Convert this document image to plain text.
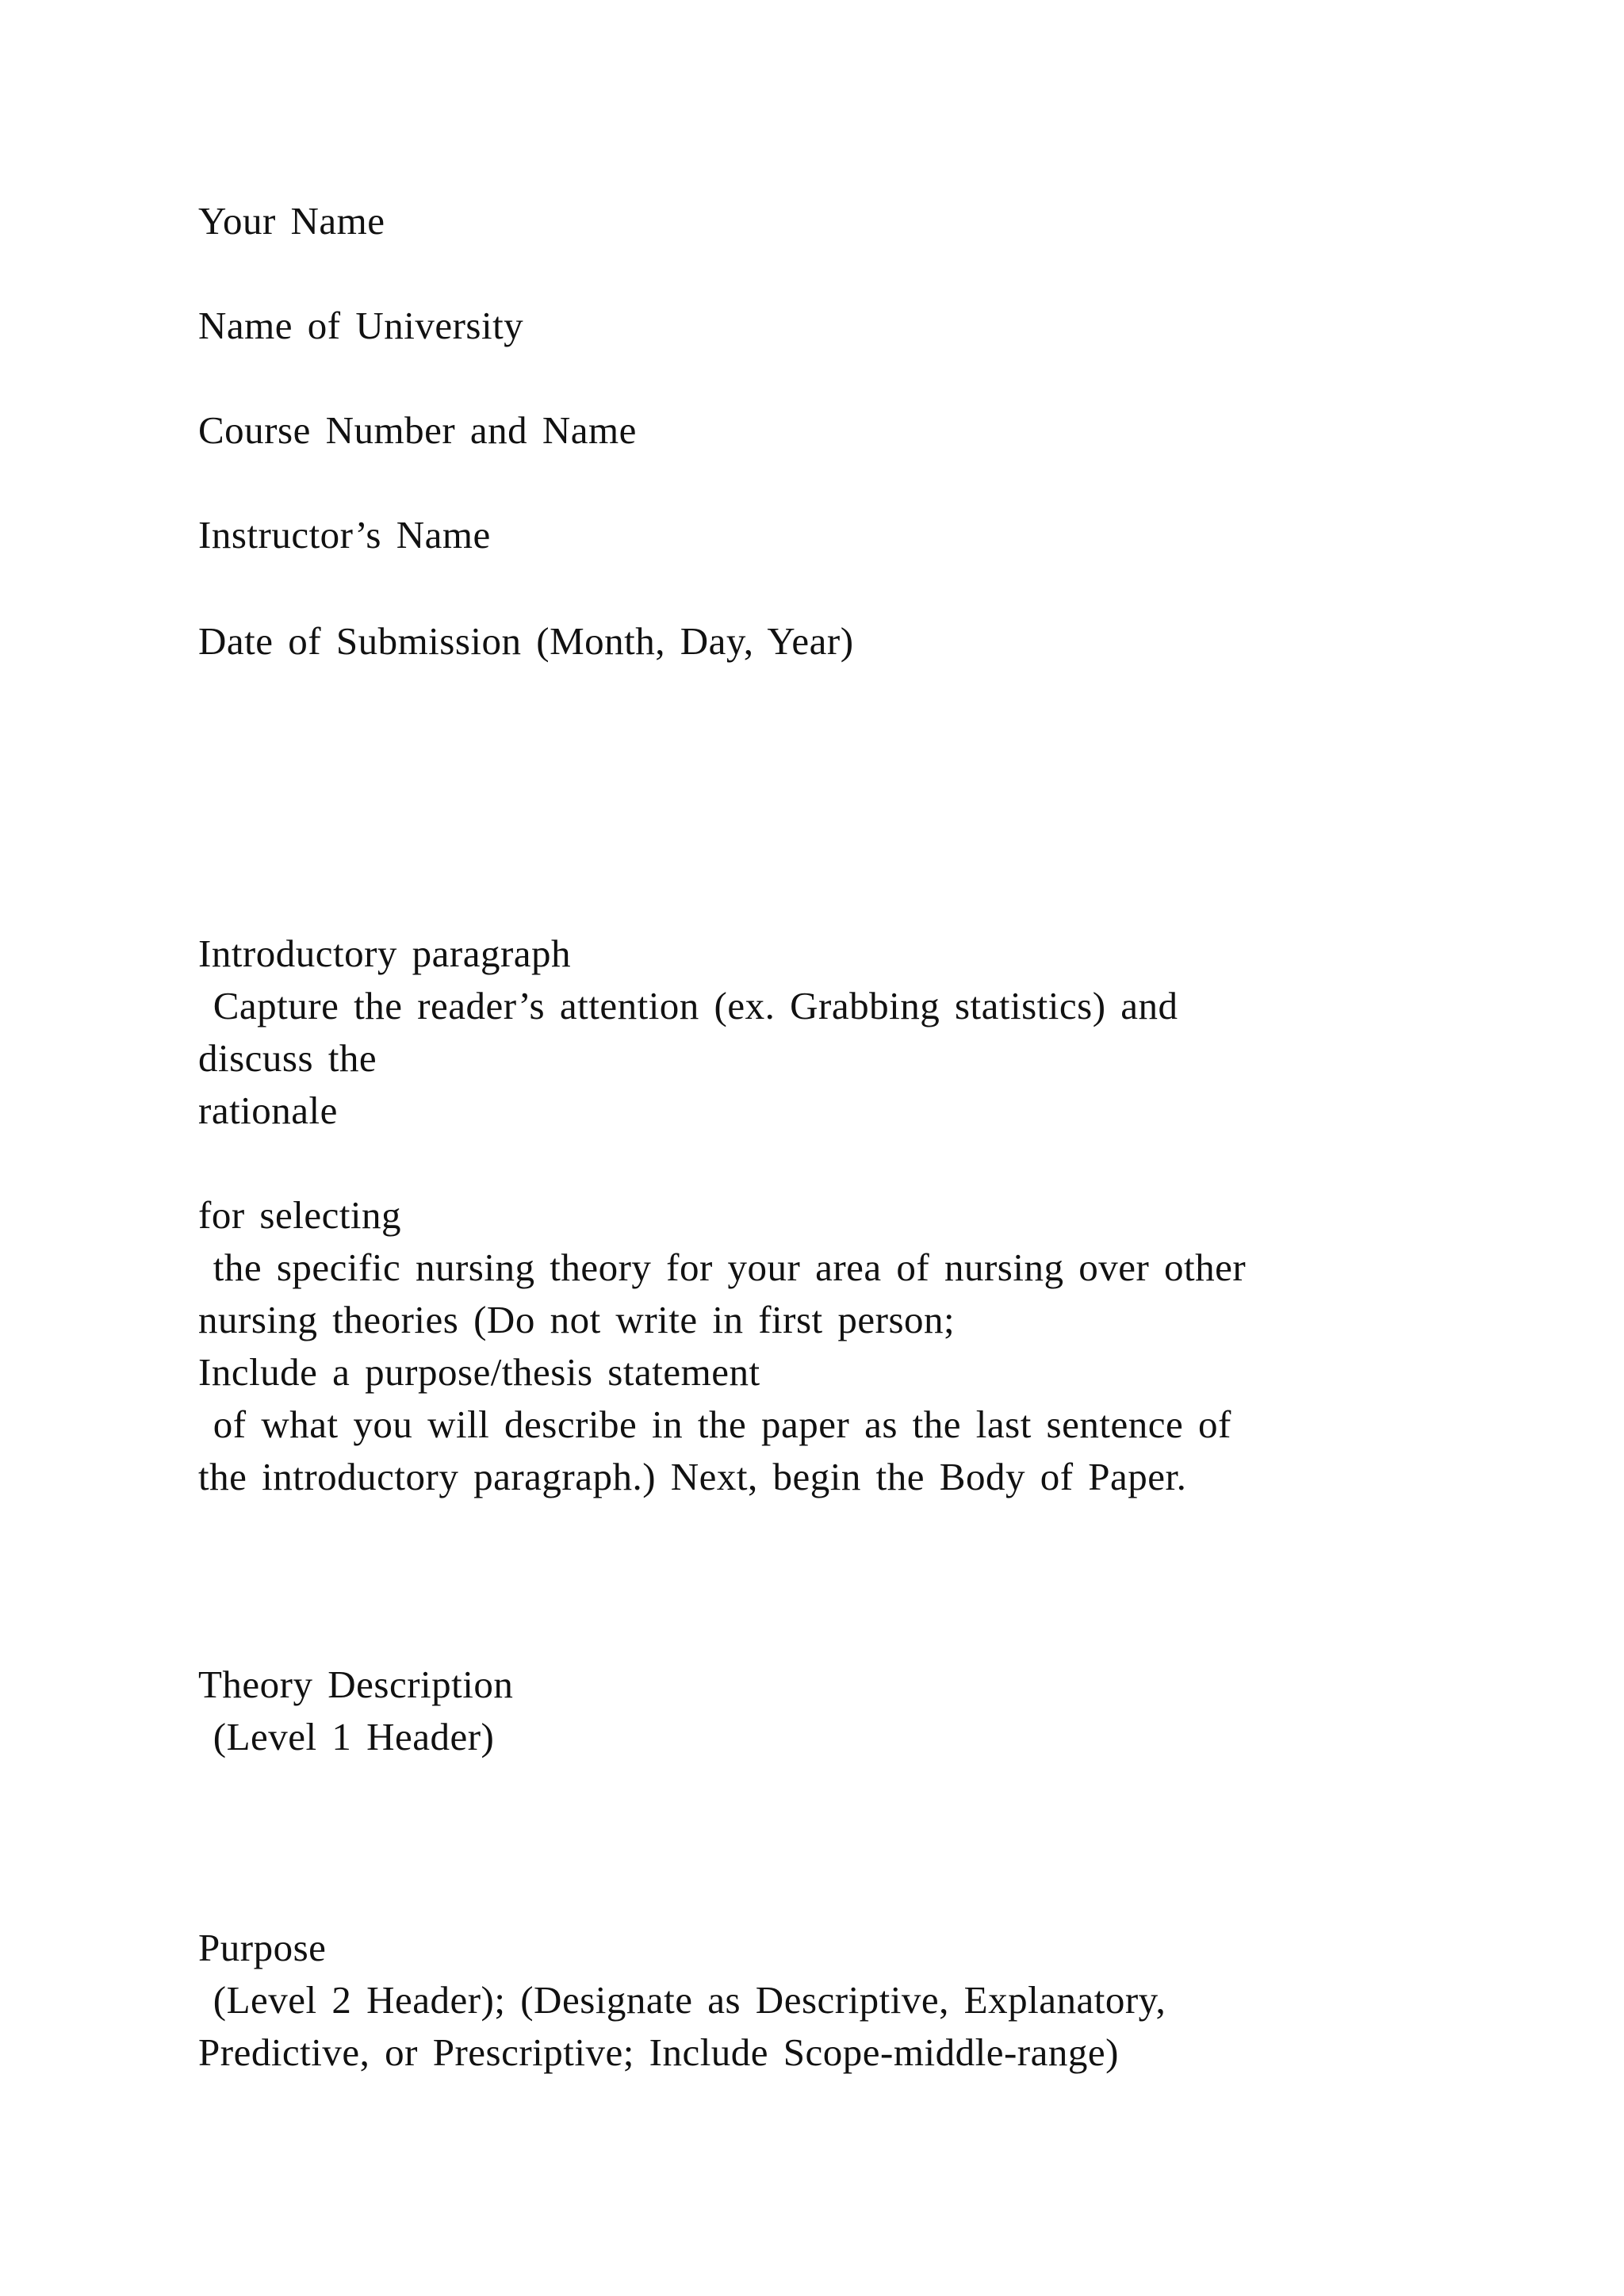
Your Name

Name of University

Course Number and Name

Instructor’s Name

Date of Submission (Month, Day, Year)

Introductory paragraph

Capture the reader’s attention (ex. Grabbing statistics) and

discuss the

rationale

for selecting

the specific nursing theory for your area of nursing over other

nursing theories (Do not write in first person;

Include a purpose/thesis statement

of what you will describe in the paper as the last sentence of

the introductory paragraph.) Next, begin the Body of Paper.

Theory Description

(Level 1 Header)

Purpose

(Level 2 Header); (Designate as Descriptive, Explanatory,

Predictive, or Prescriptive; Include Scope-middle-range)
